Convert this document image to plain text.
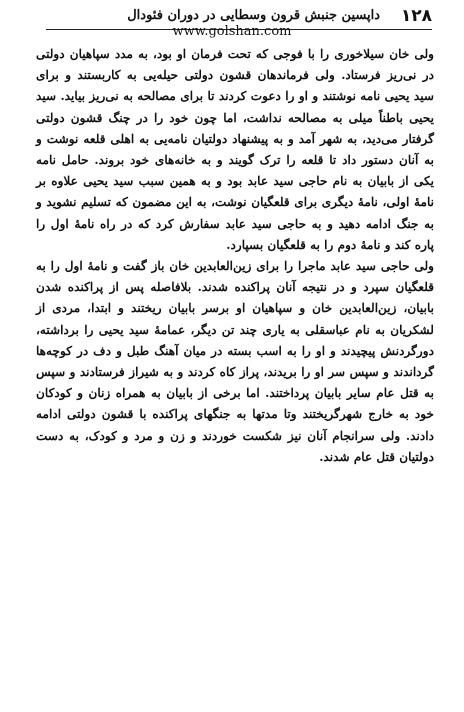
۱۲۸
داپسین جنبش قرون وسطایی در دوران فئودال
www.golshan.com

ولی خان سیلاخوری را با فوجی که تحت فرمان او بود، به مدد سپاهیان دولتی در نی‌ریز فرستاد. ولی فرماندهان قشون دولتی حیله‌یی به کاربستند و برای سید یحیی نامه نوشتند و او را دعوت کردند تا برای مصالحه به نی‌ریز بیاید. سید یحیی باطناً میلی به مصالحه نداشت، اما چون خود را در چنگ قشون دولتی گرفتار می‌دید، به شهر آمد و به پیشنهاد دولتیان نامه‌یی به اهلی قلعه نوشت و به آنان دستور داد تا قلعه را ترک گویند و به خانه‌های خود بروند. حامل نامه یکی از بابیان به نام حاجی سید عابد بود و به همین سبب سید یحیی علاوه بر نامهٔ اولی، نامهٔ دیگری برای قلعگیان نوشت، به این مضمون که تسلیم نشوید و به جنگ ادامه دهید و به حاجی سید عابد سفارش کرد که در راه نامهٔ اول را پاره کند و نامهٔ دوم را به قلعگیان بسپارد.

ولی حاجی سید عابد ماجرا را برای زین‌العابدین خان باز گفت و نامهٔ اول را به قلعگیان سپرد و در نتیجه آنان پراکنده شدند. بلافاصله پس از پراکنده شدن بابیان، زین‌العابدین خان و سپاهیان او برسر بابیان ریختند و ابتدا، مردی از لشکریان به نام عباسقلی به یاری چند تن دیگر، عمامهٔ سید یحیی را برداشته، دورگردنش پیچیدند و او را به اسب بسته در میان آهنگ طبل و دف در کوچه‌ها گرداندند و سپس سر او را بریدند، پراز کاه کردند و به شیراز فرستادند و سپس به قتل عام سایر بابیان پرداختند. اما برخی از بابیان به همراه زنان و کودکان خود به خارج شهرگریختند وتا مدتها به جنگهای پراکنده با قشون دولتی ادامه دادند. ولی سرانجام آنان نیز شکست خوردند و زن و مرد و کودک، به دست دولتیان قتل عام شدند.
